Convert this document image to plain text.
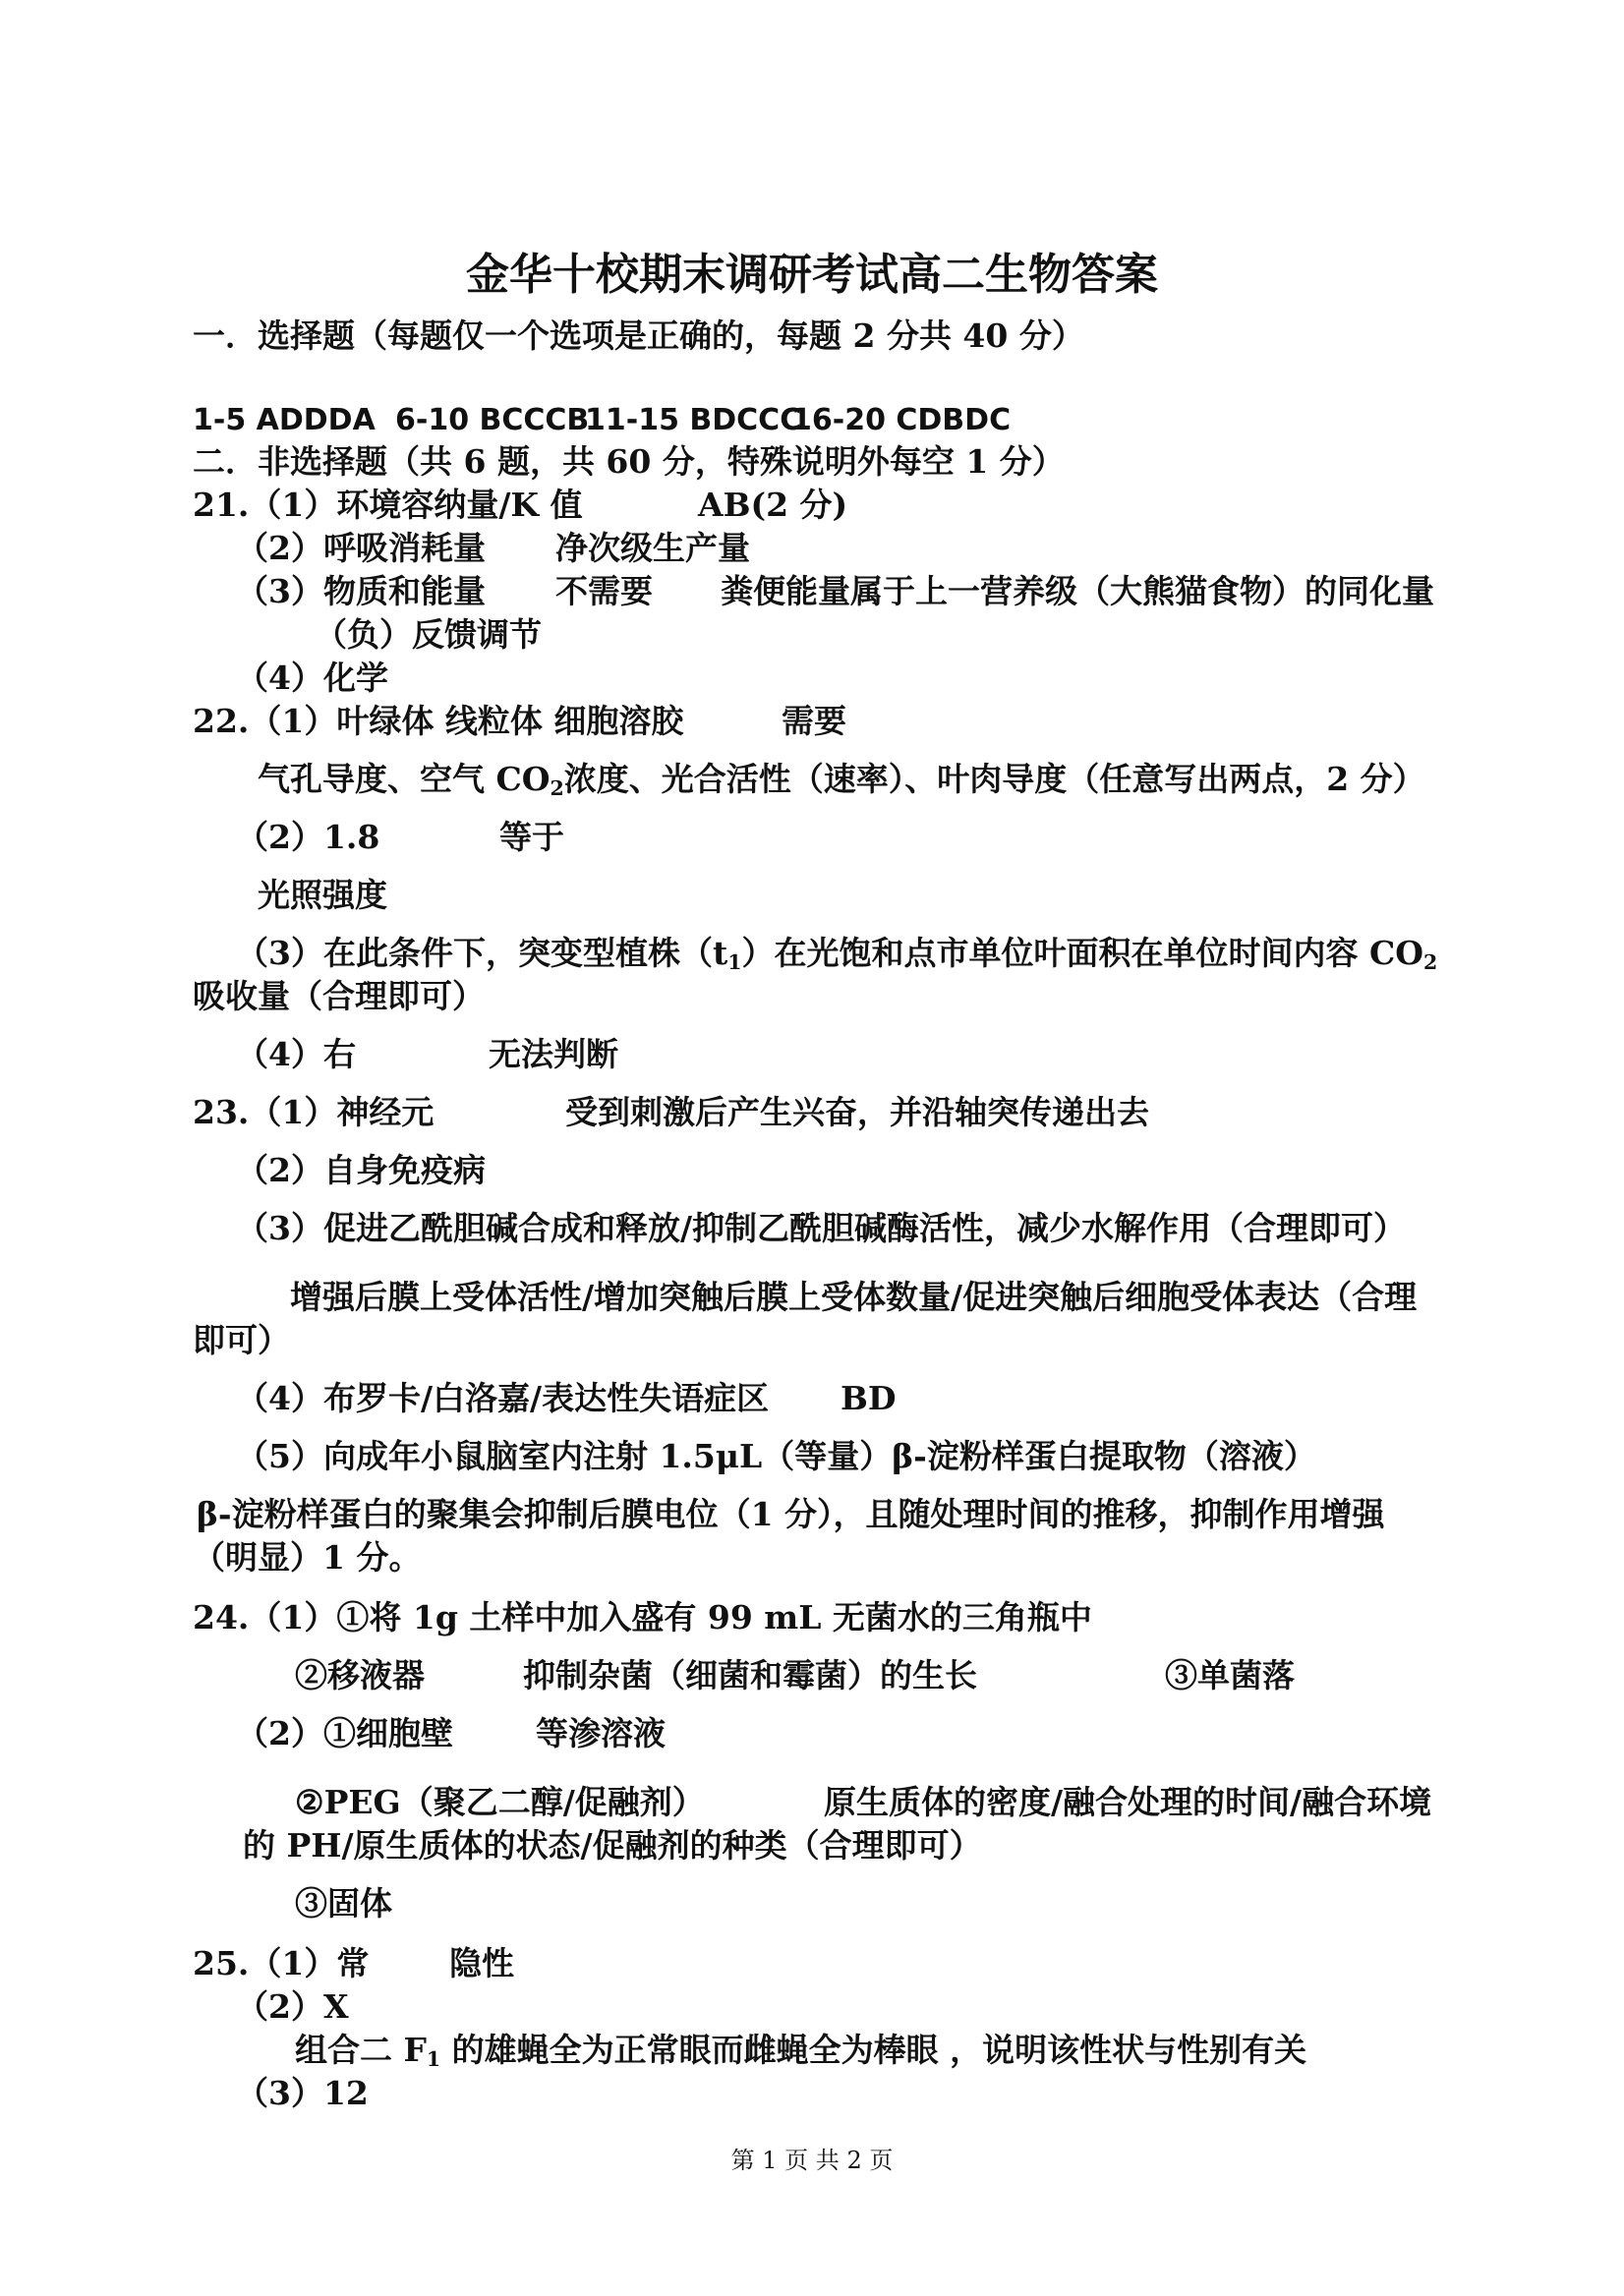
金华十校期末调研考试高二生物答案
一．选择题（每题仅一个选项是正确的，每题 2 分共 40 分）
1-5 ADDDA 6-10 BCCCB
11-15 BDCCC
16-20 CDBDC
二．非选择题（共 6 题，共 60 分，特殊说明外每空 1 分）
21.（1）环境容纳量/K 值	AB(2 分)
（2）呼吸消耗量 净次级生产量
（3）物质和能量 不需要 粪便能量属于上一营养级（大熊猫食物）的同化量
（负）反馈调节
（4）化学
22.（1）叶绿体 线粒体 细胞溶胶	需要
气孔导度、空气 $CO_2$浓度、光合活性（速率）、叶肉导度（任意写出两点，2 分）
（2）1.8	等于
光照强度
（3）在此条件下，突变型植株$(t_1)$在光饱和点市单位叶面积在单位时间内容 $CO_2$
吸收量（合理即可）
（4）右	无法判断
23.（1）神经元	受到刺激后产生兴奋，并沿轴突传递出去
（2）自身免疫病
（3）促进乙酰胆碱合成和释放/抑制乙酰胆碱酶活性，减少水解作用（合理即可）
增强后膜上受体活性/增加突触后膜上受体数量/促进突触后细胞受体表达（合理
即可）
（4）布罗卡/白洛嘉/表达性失语症区 BD
（5）向成年小鼠脑室内注射 1.5μL（等量）β-淀粉样蛋白提取物（溶液）
β-淀粉样蛋白的聚集会抑制后膜电位（1 分），且随处理时间的推移，抑制作用增强
（明显）1 分。
24.（1）①将 1g 土样中加入盛有 99 mL 无菌水的三角瓶中
②移液器	抑制杂菌（细菌和霉菌）的生长	③单菌落
（2）①细胞壁	等渗溶液
②PEG（聚乙二醇/促融剂）	原生质体的密度/融合处理的时间/融合环境
的 PH/原生质体的状态/促融剂的种类（合理即可）
③固体
25.（1）常 隐性
（2）X
组合二 $F_1$ 的雄蝇全为正常眼而雌蝇全为棒眼 ，说明该性状与性别有关
（3）12
第 1 页 共 2 页
